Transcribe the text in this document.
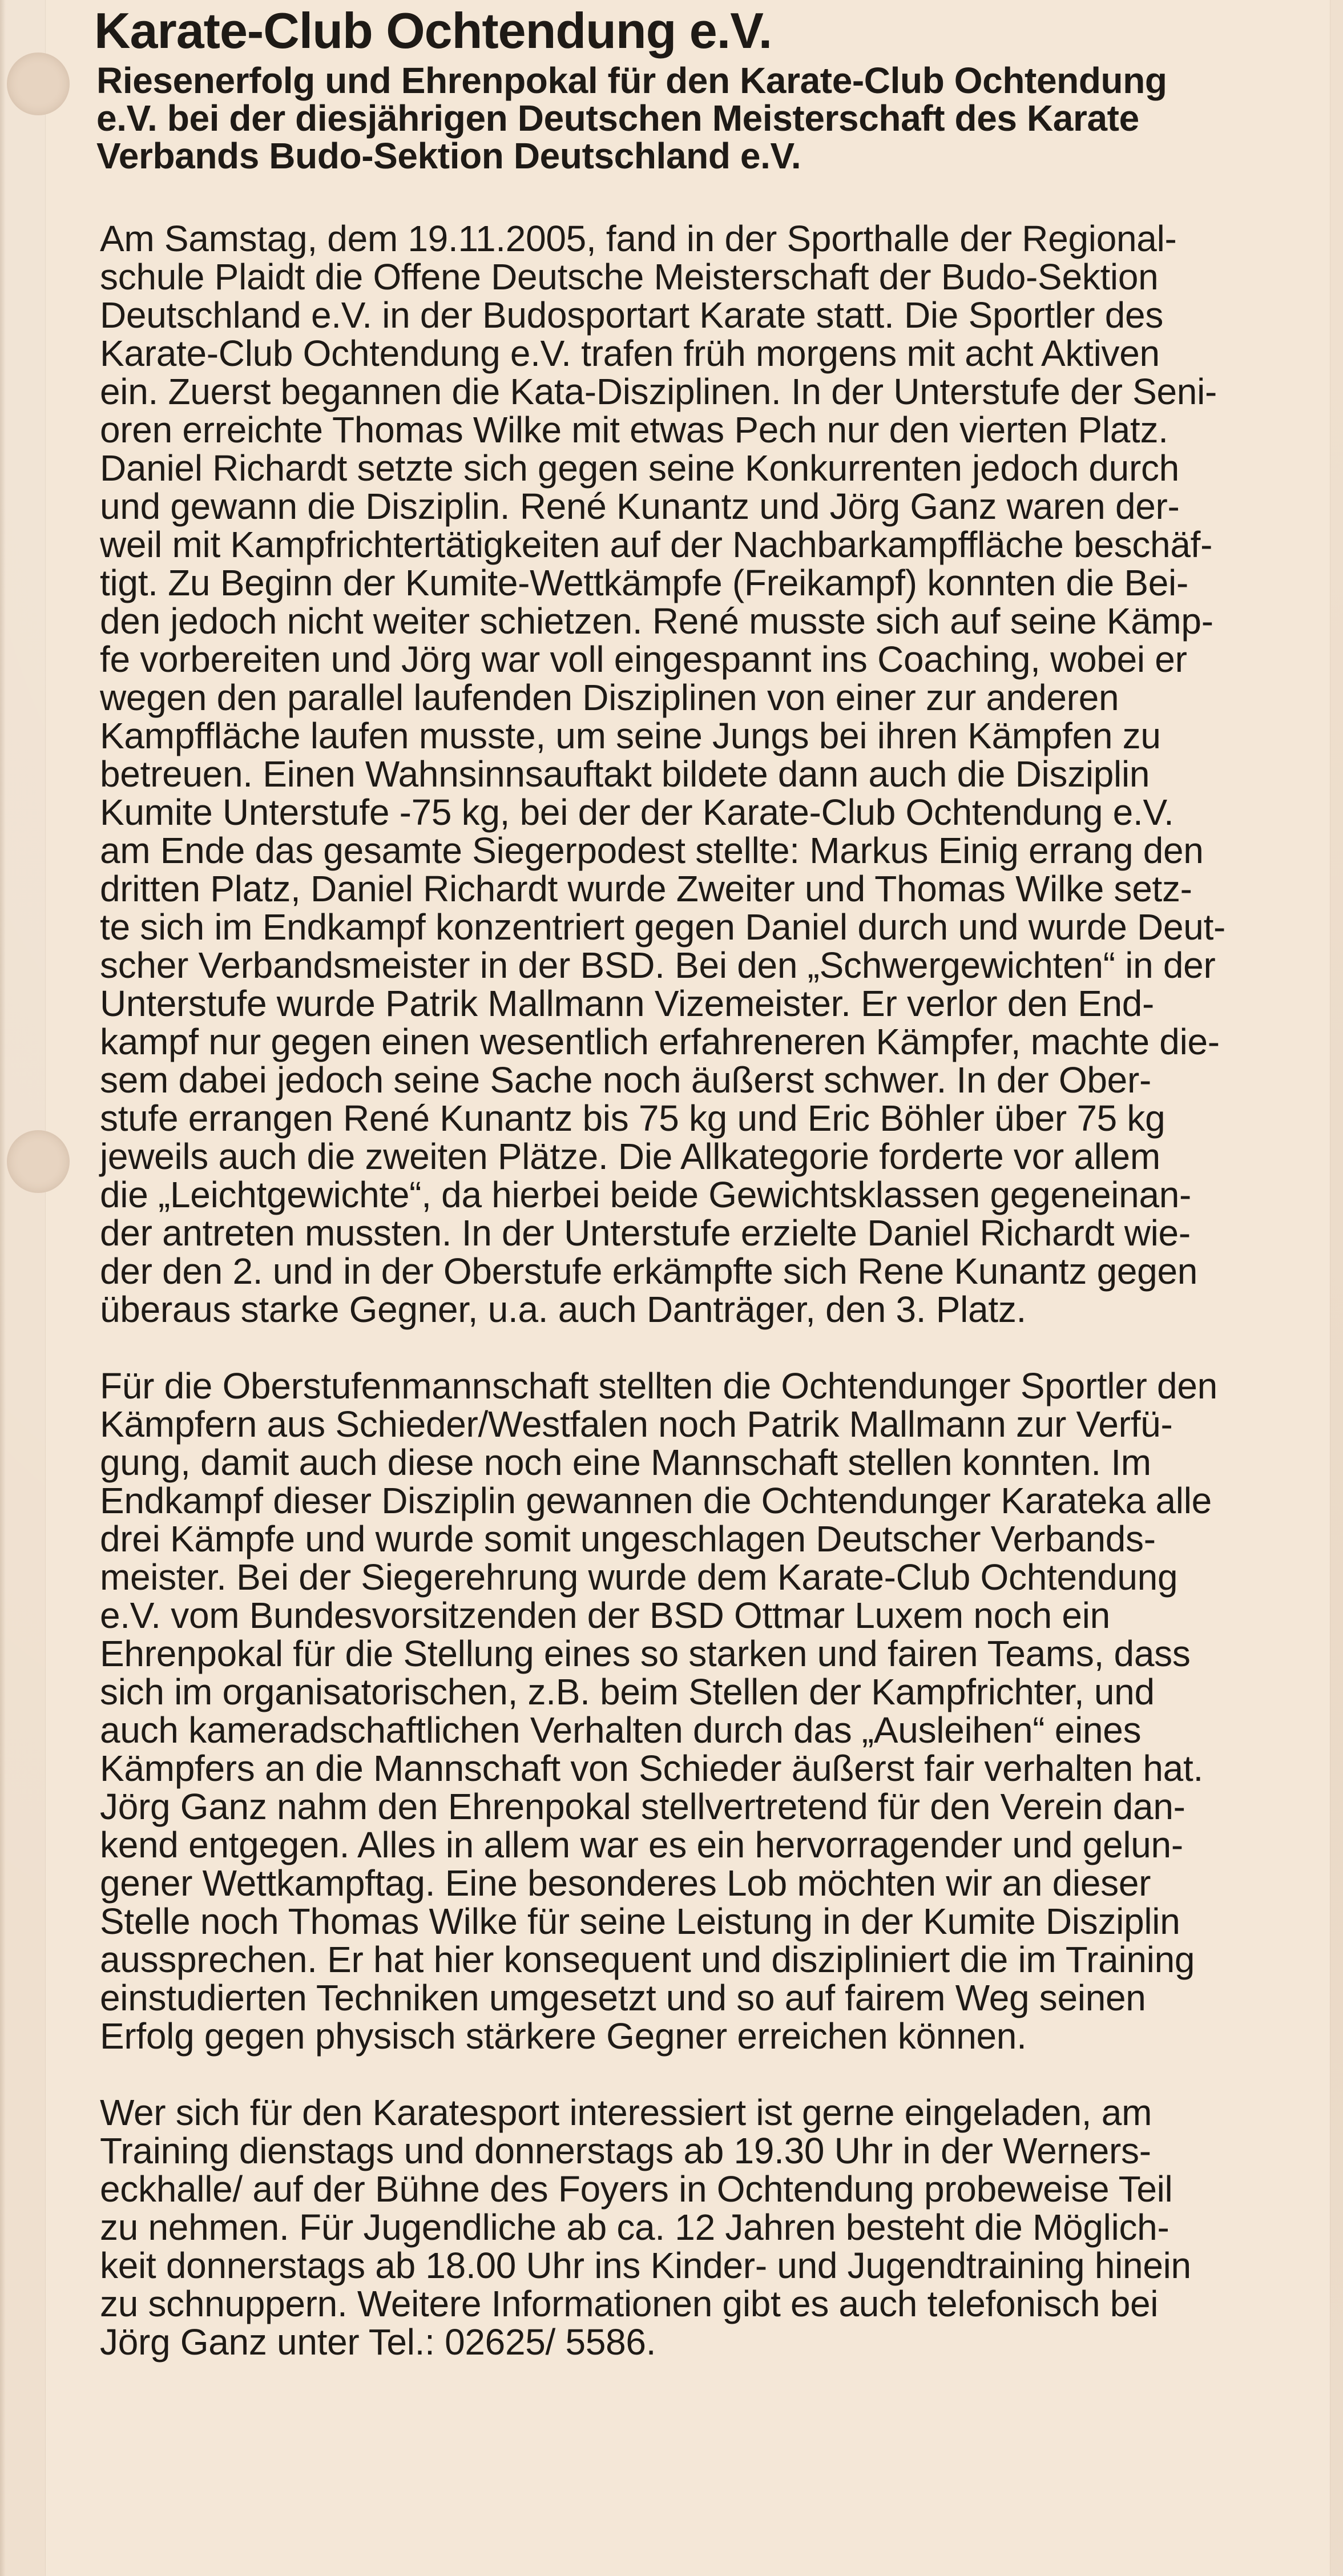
Karate-Club Ochtendung e.V.
Riesenerfolg und Ehrenpokal für den Karate-Club Ochtendung
e.V. bei der diesjährigen Deutschen Meisterschaft des Karate
Verbands Budo-Sektion Deutschland e.V.

Am Samstag, dem 19.11.2005, fand in der Sporthalle der Regional-
schule Plaidt die Offene Deutsche Meisterschaft der Budo-Sektion
Deutschland e.V. in der Budosportart Karate statt. Die Sportler des
Karate-Club Ochtendung e.V. trafen früh morgens mit acht Aktiven
ein. Zuerst begannen die Kata-Disziplinen. In der Unterstufe der Seni-
oren erreichte Thomas Wilke mit etwas Pech nur den vierten Platz.
Daniel Richardt setzte sich gegen seine Konkurrenten jedoch durch
und gewann die Disziplin. René Kunantz und Jörg Ganz waren der-
weil mit Kampfrichtertätigkeiten auf der Nachbarkampffläche beschäf-
tigt. Zu Beginn der Kumite-Wettkämpfe (Freikampf) konnten die Bei-
den jedoch nicht weiter schietzen. René musste sich auf seine Kämp-
fe vorbereiten und Jörg war voll eingespannt ins Coaching, wobei er
wegen den parallel laufenden Disziplinen von einer zur anderen
Kampffläche laufen musste, um seine Jungs bei ihren Kämpfen zu
betreuen. Einen Wahnsinnsauftakt bildete dann auch die Disziplin
Kumite Unterstufe -75 kg, bei der der Karate-Club Ochtendung e.V.
am Ende das gesamte Siegerpodest stellte: Markus Einig errang den
dritten Platz, Daniel Richardt wurde Zweiter und Thomas Wilke setz-
te sich im Endkampf konzentriert gegen Daniel durch und wurde Deut-
scher Verbandsmeister in der BSD. Bei den „Schwergewichten“ in der
Unterstufe wurde Patrik Mallmann Vizemeister. Er verlor den End-
kampf nur gegen einen wesentlich erfahreneren Kämpfer, machte die-
sem dabei jedoch seine Sache noch äußerst schwer. In der Ober-
stufe errangen René Kunantz bis 75 kg und Eric Böhler über 75 kg
jeweils auch die zweiten Plätze. Die Allkategorie forderte vor allem
die „Leichtgewichte“, da hierbei beide Gewichtsklassen gegeneinan-
der antreten mussten. In der Unterstufe erzielte Daniel Richardt wie-
der den 2. und in der Oberstufe erkämpfte sich Rene Kunantz gegen
überaus starke Gegner, u.a. auch Danträger, den 3. Platz.

Für die Oberstufenmannschaft stellten die Ochtendunger Sportler den
Kämpfern aus Schieder/Westfalen noch Patrik Mallmann zur Verfü-
gung, damit auch diese noch eine Mannschaft stellen konnten. Im
Endkampf dieser Disziplin gewannen die Ochtendunger Karateka alle
drei Kämpfe und wurde somit ungeschlagen Deutscher Verbands-
meister. Bei der Siegerehrung wurde dem Karate-Club Ochtendung
e.V. vom Bundesvorsitzenden der BSD Ottmar Luxem noch ein
Ehrenpokal für die Stellung eines so starken und fairen Teams, dass
sich im organisatorischen, z.B. beim Stellen der Kampfrichter, und
auch kameradschaftlichen Verhalten durch das „Ausleihen“ eines
Kämpfers an die Mannschaft von Schieder äußerst fair verhalten hat.
Jörg Ganz nahm den Ehrenpokal stellvertretend für den Verein dan-
kend entgegen. Alles in allem war es ein hervorragender und gelun-
gener Wettkampftag. Eine besonderes Lob möchten wir an dieser
Stelle noch Thomas Wilke für seine Leistung in der Kumite Disziplin
aussprechen. Er hat hier konsequent und diszipliniert die im Training
einstudierten Techniken umgesetzt und so auf fairem Weg seinen
Erfolg gegen physisch stärkere Gegner erreichen können.

Wer sich für den Karatesport interessiert ist gerne eingeladen, am
Training dienstags und donnerstags ab 19.30 Uhr in der Werners-
eckhalle/ auf der Bühne des Foyers in Ochtendung probeweise Teil
zu nehmen. Für Jugendliche ab ca. 12 Jahren besteht die Möglich-
keit donnerstags ab 18.00 Uhr ins Kinder- und Jugendtraining hinein
zu schnuppern. Weitere Informationen gibt es auch telefonisch bei
Jörg Ganz unter Tel.: 02625/ 5586.
